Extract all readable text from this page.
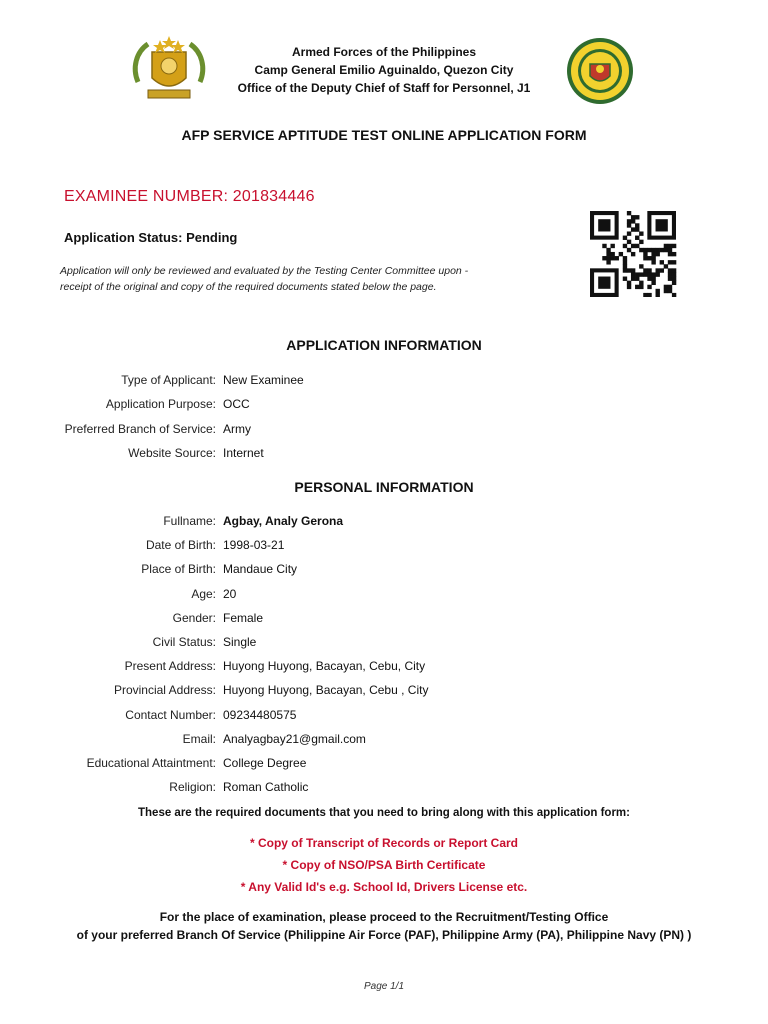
Armed Forces of the Philippines
Camp General Emilio Aguinaldo, Quezon City
Office of the Deputy Chief of Staff for Personnel, J1
AFP SERVICE APTITUDE TEST ONLINE APPLICATION FORM
EXAMINEE NUMBER: 201834446
Application Status: Pending
Application will only be reviewed and evaluated by the Testing Center Committee upon -
receipt of the original and copy of the required documents stated below the page.
APPLICATION INFORMATION
Type of Applicant: New Examinee
Application Purpose: OCC
Preferred Branch of Service: Army
Website Source: Internet
PERSONAL INFORMATION
Fullname: Agbay, Analy Gerona
Date of Birth: 1998-03-21
Place of Birth: Mandaue City
Age: 20
Gender: Female
Civil Status: Single
Present Address: Huyong Huyong, Bacayan, Cebu, City
Provincial Address: Huyong Huyong, Bacayan, Cebu , City
Contact Number: 09234480575
Email: Analyagbay21@gmail.com
Educational Attaintment: College Degree
Religion: Roman Catholic
These are the required documents that you need to bring along with this application form:
* Copy of Transcript of Records or Report Card
* Copy of NSO/PSA Birth Certificate
* Any Valid Id's e.g. School Id, Drivers License etc.
For the place of examination, please proceed to the Recruitment/Testing Office
of your preferred Branch Of Service (Philippine Air Force (PAF), Philippine Army (PA), Philippine Navy (PN) )
Page 1/1
